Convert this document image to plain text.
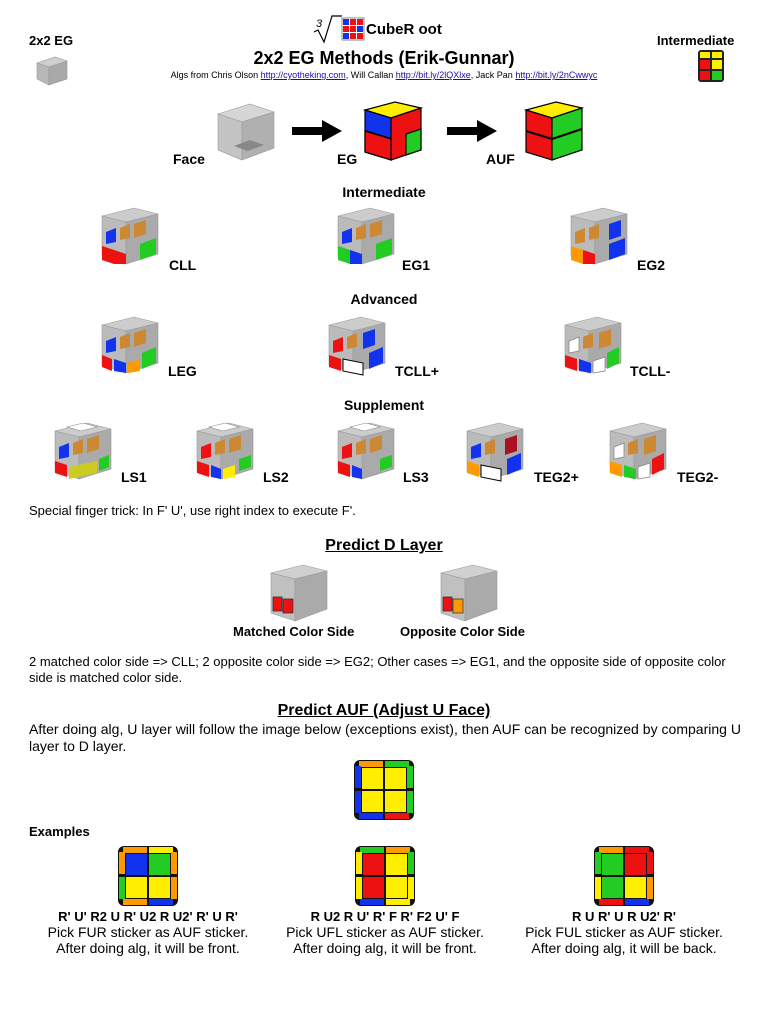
3	CubeR oot
2x2 EG	Intermediate
2x2 EG Methods (Erik-Gunnar)
Algs from Chris Olson http://cyotheking.com, Will Callan http://bit.ly/2lQXlxe, Jack Pan http://bit.ly/2nCwwyc
Face	EG	AUF
Intermediate
CLL	EG1	EG2
Advanced
LEG	TCLL+	TCLL-
Supplement
LS1	LS2	LS3	TEG2+	TEG2-
Special finger trick: In F' U', use right index to execute F'.
Predict D Layer
Matched Color Side	Opposite Color Side
2 matched color side => CLL; 2 opposite color side => EG2; Other cases => EG1, and the opposite side of opposite color side is matched color side.
Predict AUF (Adjust U Face)
After doing alg, U layer will follow the image below (exceptions exist), then AUF can be recognized by comparing U layer to D layer.
Examples
R' U' R2 U R' U2 R U2' R' U R'
Pick FUR sticker as AUF sticker.
After doing alg, it will be front.
R U2 R U' R' F R' F2 U' F
Pick UFL sticker as AUF sticker.
After doing alg, it will be front.
R U R' U R U2' R'
Pick FUL sticker as AUF sticker.
After doing alg, it will be back.
